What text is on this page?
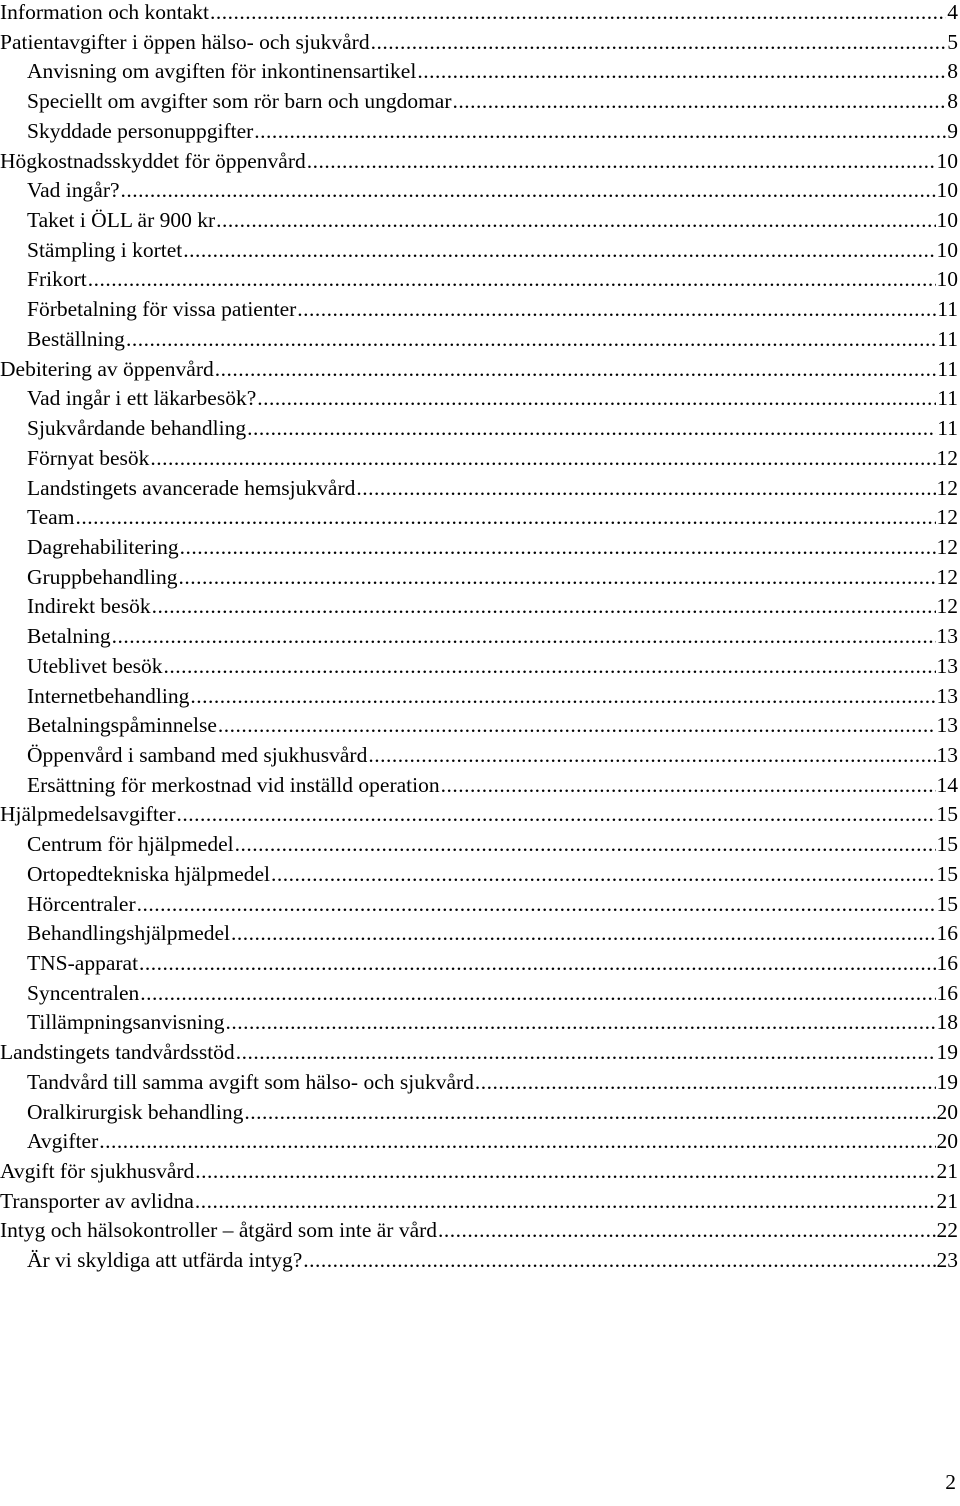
Information och kontakt .....	4
Patientavgifter i öppen hälso- och sjukvård .....	5
Anvisning om avgiften för inkontinensartikel .....	8
Speciellt om avgifter som rör barn och ungdomar .....	8
Skyddade personuppgifter .....	9
Högkostnadsskyddet för öppenvård .....	10
Vad ingår? .....	10
Taket i ÖLL är 900 kr .....	10
Stämpling i kortet .....	10
Frikort .....	10
Förbetalning för vissa patienter .....	11
Beställning .....	11
Debitering av öppenvård .....	11
Vad ingår i ett läkarbesök? .....	11
Sjukvårdande behandling .....	11
Förnyat besök .....	12
Landstingets avancerade hemsjukvård .....	12
Team .....	12
Dagrehabilitering .....	12
Gruppbehandling .....	12
Indirekt besök .....	12
Betalning .....	13
Uteblivet besök .....	13
Internetbehandling .....	13
Betalningspåminnelse .....	13
Öppenvård i samband med sjukhusvård .....	13
Ersättning för merkostnad vid inställd operation .....	14
Hjälpmedelsavgifter .....	15
Centrum för hjälpmedel .....	15
Ortopedtekniska hjälpmedel .....	15
Hörcentraler .....	15
Behandlingshjälpmedel .....	16
TNS-apparat .....	16
Syncentralen .....	16
Tillämpningsanvisning .....	18
Landstingets tandvårdsstöd .....	19
Tandvård till samma avgift som hälso- och sjukvård .....	19
Oralkirurgisk behandling .....	20
Avgifter .....	20
Avgift för sjukhusvård .....	21
Transporter av avlidna .....	21
Intyg och hälsokontroller – åtgärd som inte är vård .....	22
Är vi skyldiga att utfärda intyg? .....	23
2
